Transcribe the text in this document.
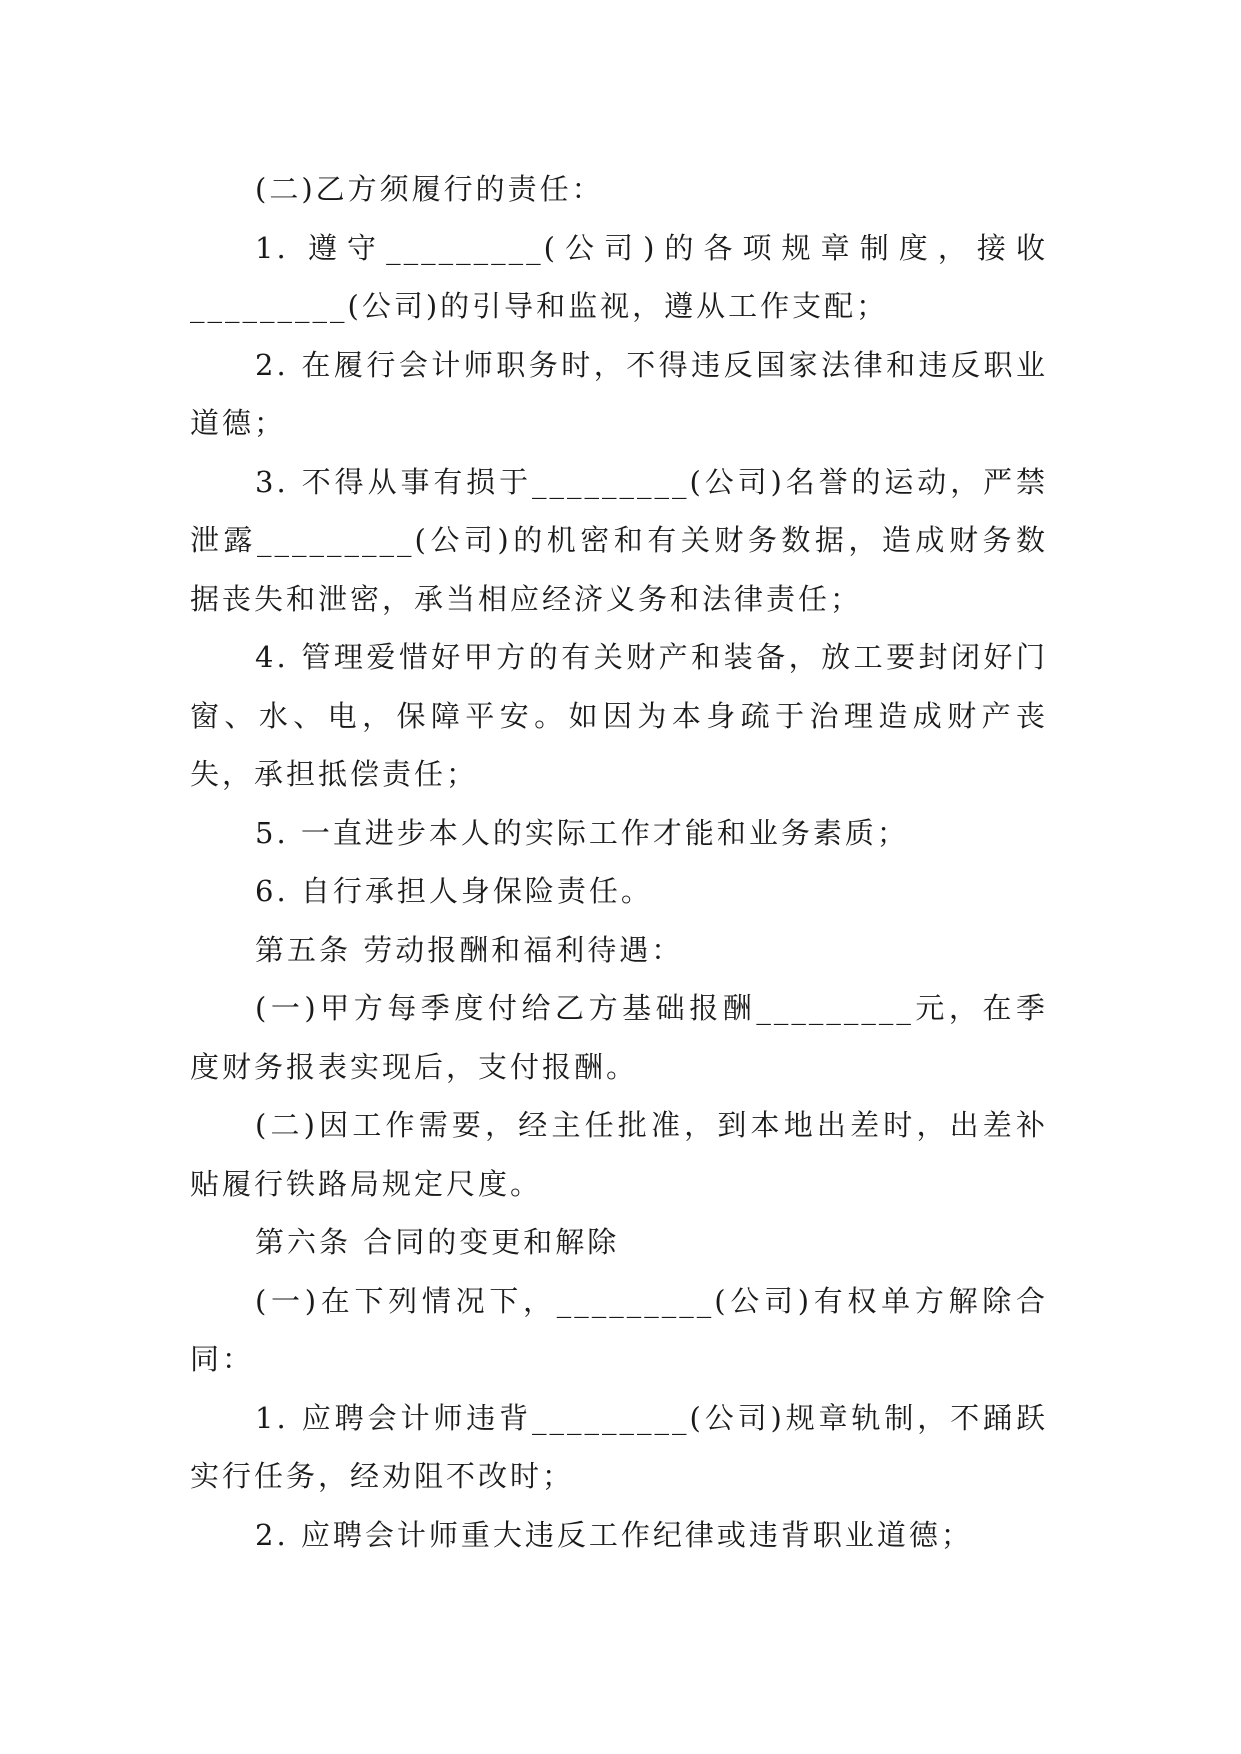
(二)乙方须履行的责任：

1. 遵守_________(公司)的各项规章制度，接收_________(公司)的引导和监视，遵从工作支配；

2. 在履行会计师职务时，不得违反国家法律和违反职业道德；

3. 不得从事有损于_________(公司)名誉的运动，严禁泄露_________(公司)的机密和有关财务数据，造成财务数据丧失和泄密，承当相应经济义务和法律责任；

4. 管理爱惜好甲方的有关财产和装备，放工要封闭好门窗、水、电，保障平安。如因为本身疏于治理造成财产丧失，承担抵偿责任；

5. 一直进步本人的实际工作才能和业务素质；

6. 自行承担人身保险责任。

第五条 劳动报酬和福利待遇：

(一)甲方每季度付给乙方基础报酬_________元，在季度财务报表实现后，支付报酬。

(二)因工作需要，经主任批准，到本地出差时，出差补贴履行铁路局规定尺度。

第六条 合同的变更和解除

(一)在下列情况下，_________(公司)有权单方解除合同：

1. 应聘会计师违背_________(公司)规章轨制，不踊跃实行任务，经劝阻不改时；

2. 应聘会计师重大违反工作纪律或违背职业道德；
